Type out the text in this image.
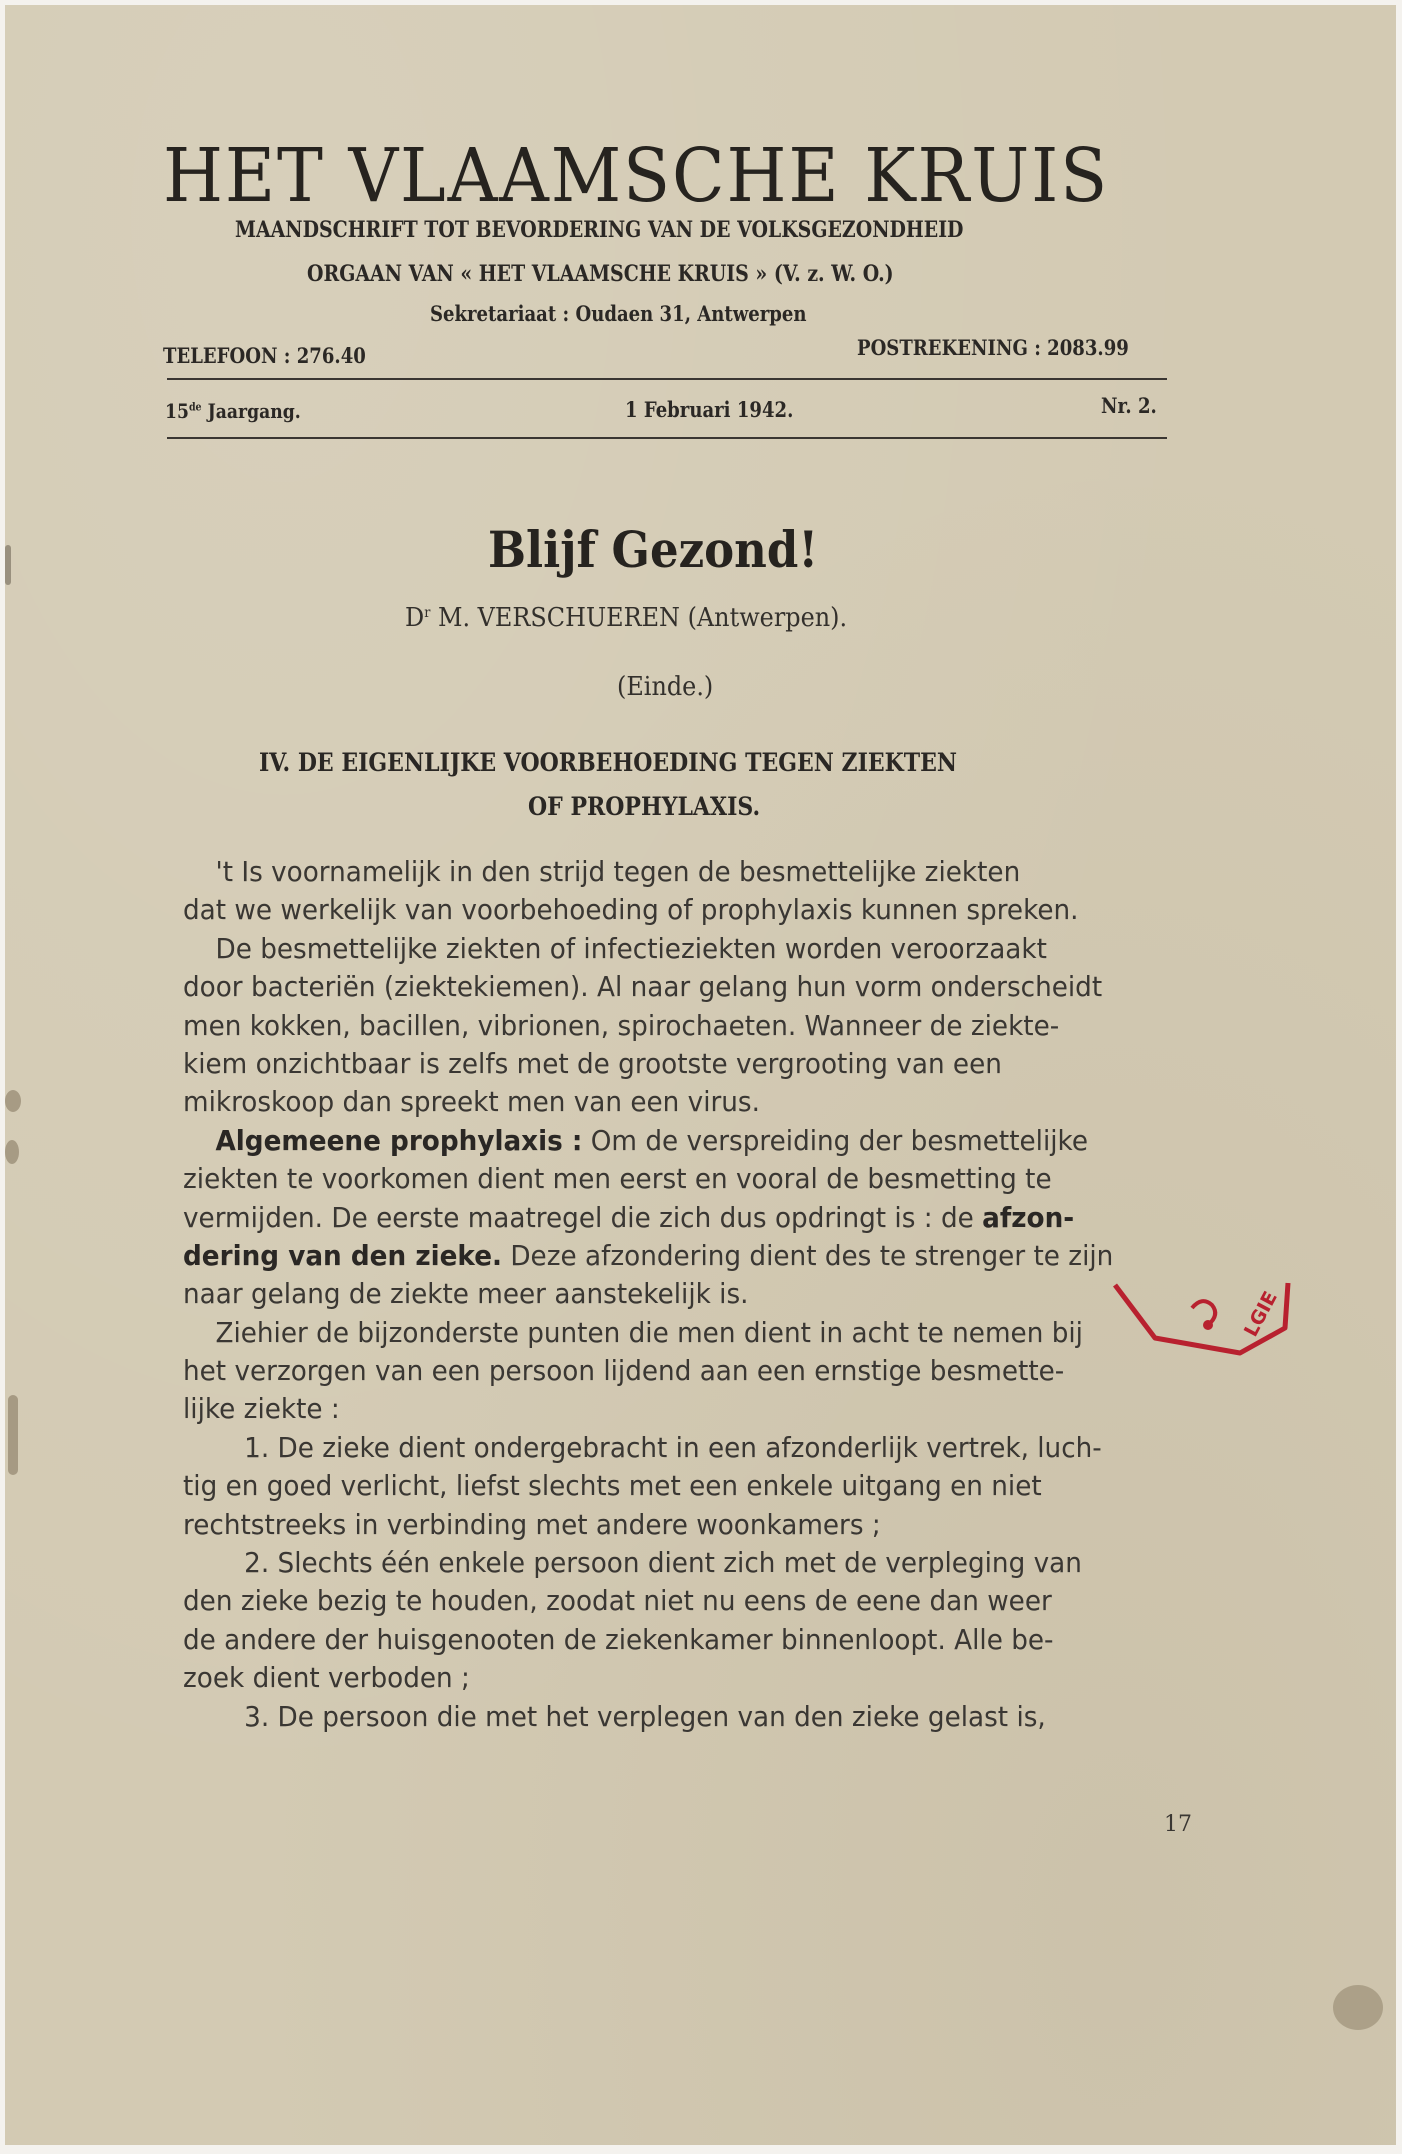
HET VLAAMSCHE KRUIS
MAANDSCHRIFT TOT BEVORDERING VAN DE VOLKSGEZONDHEID
ORGAAN VAN « HET VLAAMSCHE KRUIS » (V. z. W. O.)
Sekretariaat : Oudaen 31, Antwerpen
TELEFOON : 276.40	POSTREKENING : 2083.99
15de Jaargang.	1 Februari 1942.	Nr. 2.
Blijf Gezond!
$D^r$ M. VERSCHUEREN (Antwerpen).
(Einde.)
IV. DE EIGENLIJKE VOORBEHOEDING TEGEN ZIEKTEN
OF PROPHYLAXIS.
't Is voornamelijk in den strijd tegen de besmettelijke ziekten
dat we werkelijk van voorbehoeding of prophylaxis kunnen spreken.
De besmettelijke ziekten of infectieziekten worden veroorzaakt
door bacteriën (ziektekiemen). Al naar gelang hun vorm onderscheidt
men kokken, bacillen, vibrionen, spirochaeten. Wanneer de ziekte-
kiem onzichtbaar is zelfs met de grootste vergrooting van een
mikroskoop dan spreekt men van een virus.
Algemeene prophylaxis : Om de verspreiding der besmettelijke
ziekten te voorkomen dient men eerst en vooral de besmetting te
vermijden. De eerste maatregel die zich dus opdringt is : de afzon-
dering van den zieke. Deze afzondering dient des te strenger te zijn
naar gelang de ziekte meer aanstekelijk is.
Ziehier de bijzonderste punten die men dient in acht te nemen bij
het verzorgen van een persoon lijdend aan een ernstige besmette-
lijke ziekte :
1. De zieke dient ondergebracht in een afzonderlijk vertrek, luch-
tig en goed verlicht, liefst slechts met een enkele uitgang en niet
rechtstreeks in verbinding met andere woonkamers ;
2. Slechts één enkele persoon dient zich met de verpleging van
den zieke bezig te houden, zoodat niet nu eens de eene dan weer
de andere der huisgenooten de ziekenkamer binnenloopt. Alle be-
zoek dient verboden ;
3. De persoon die met het verplegen van den zieke gelast is,
LGIE
17
